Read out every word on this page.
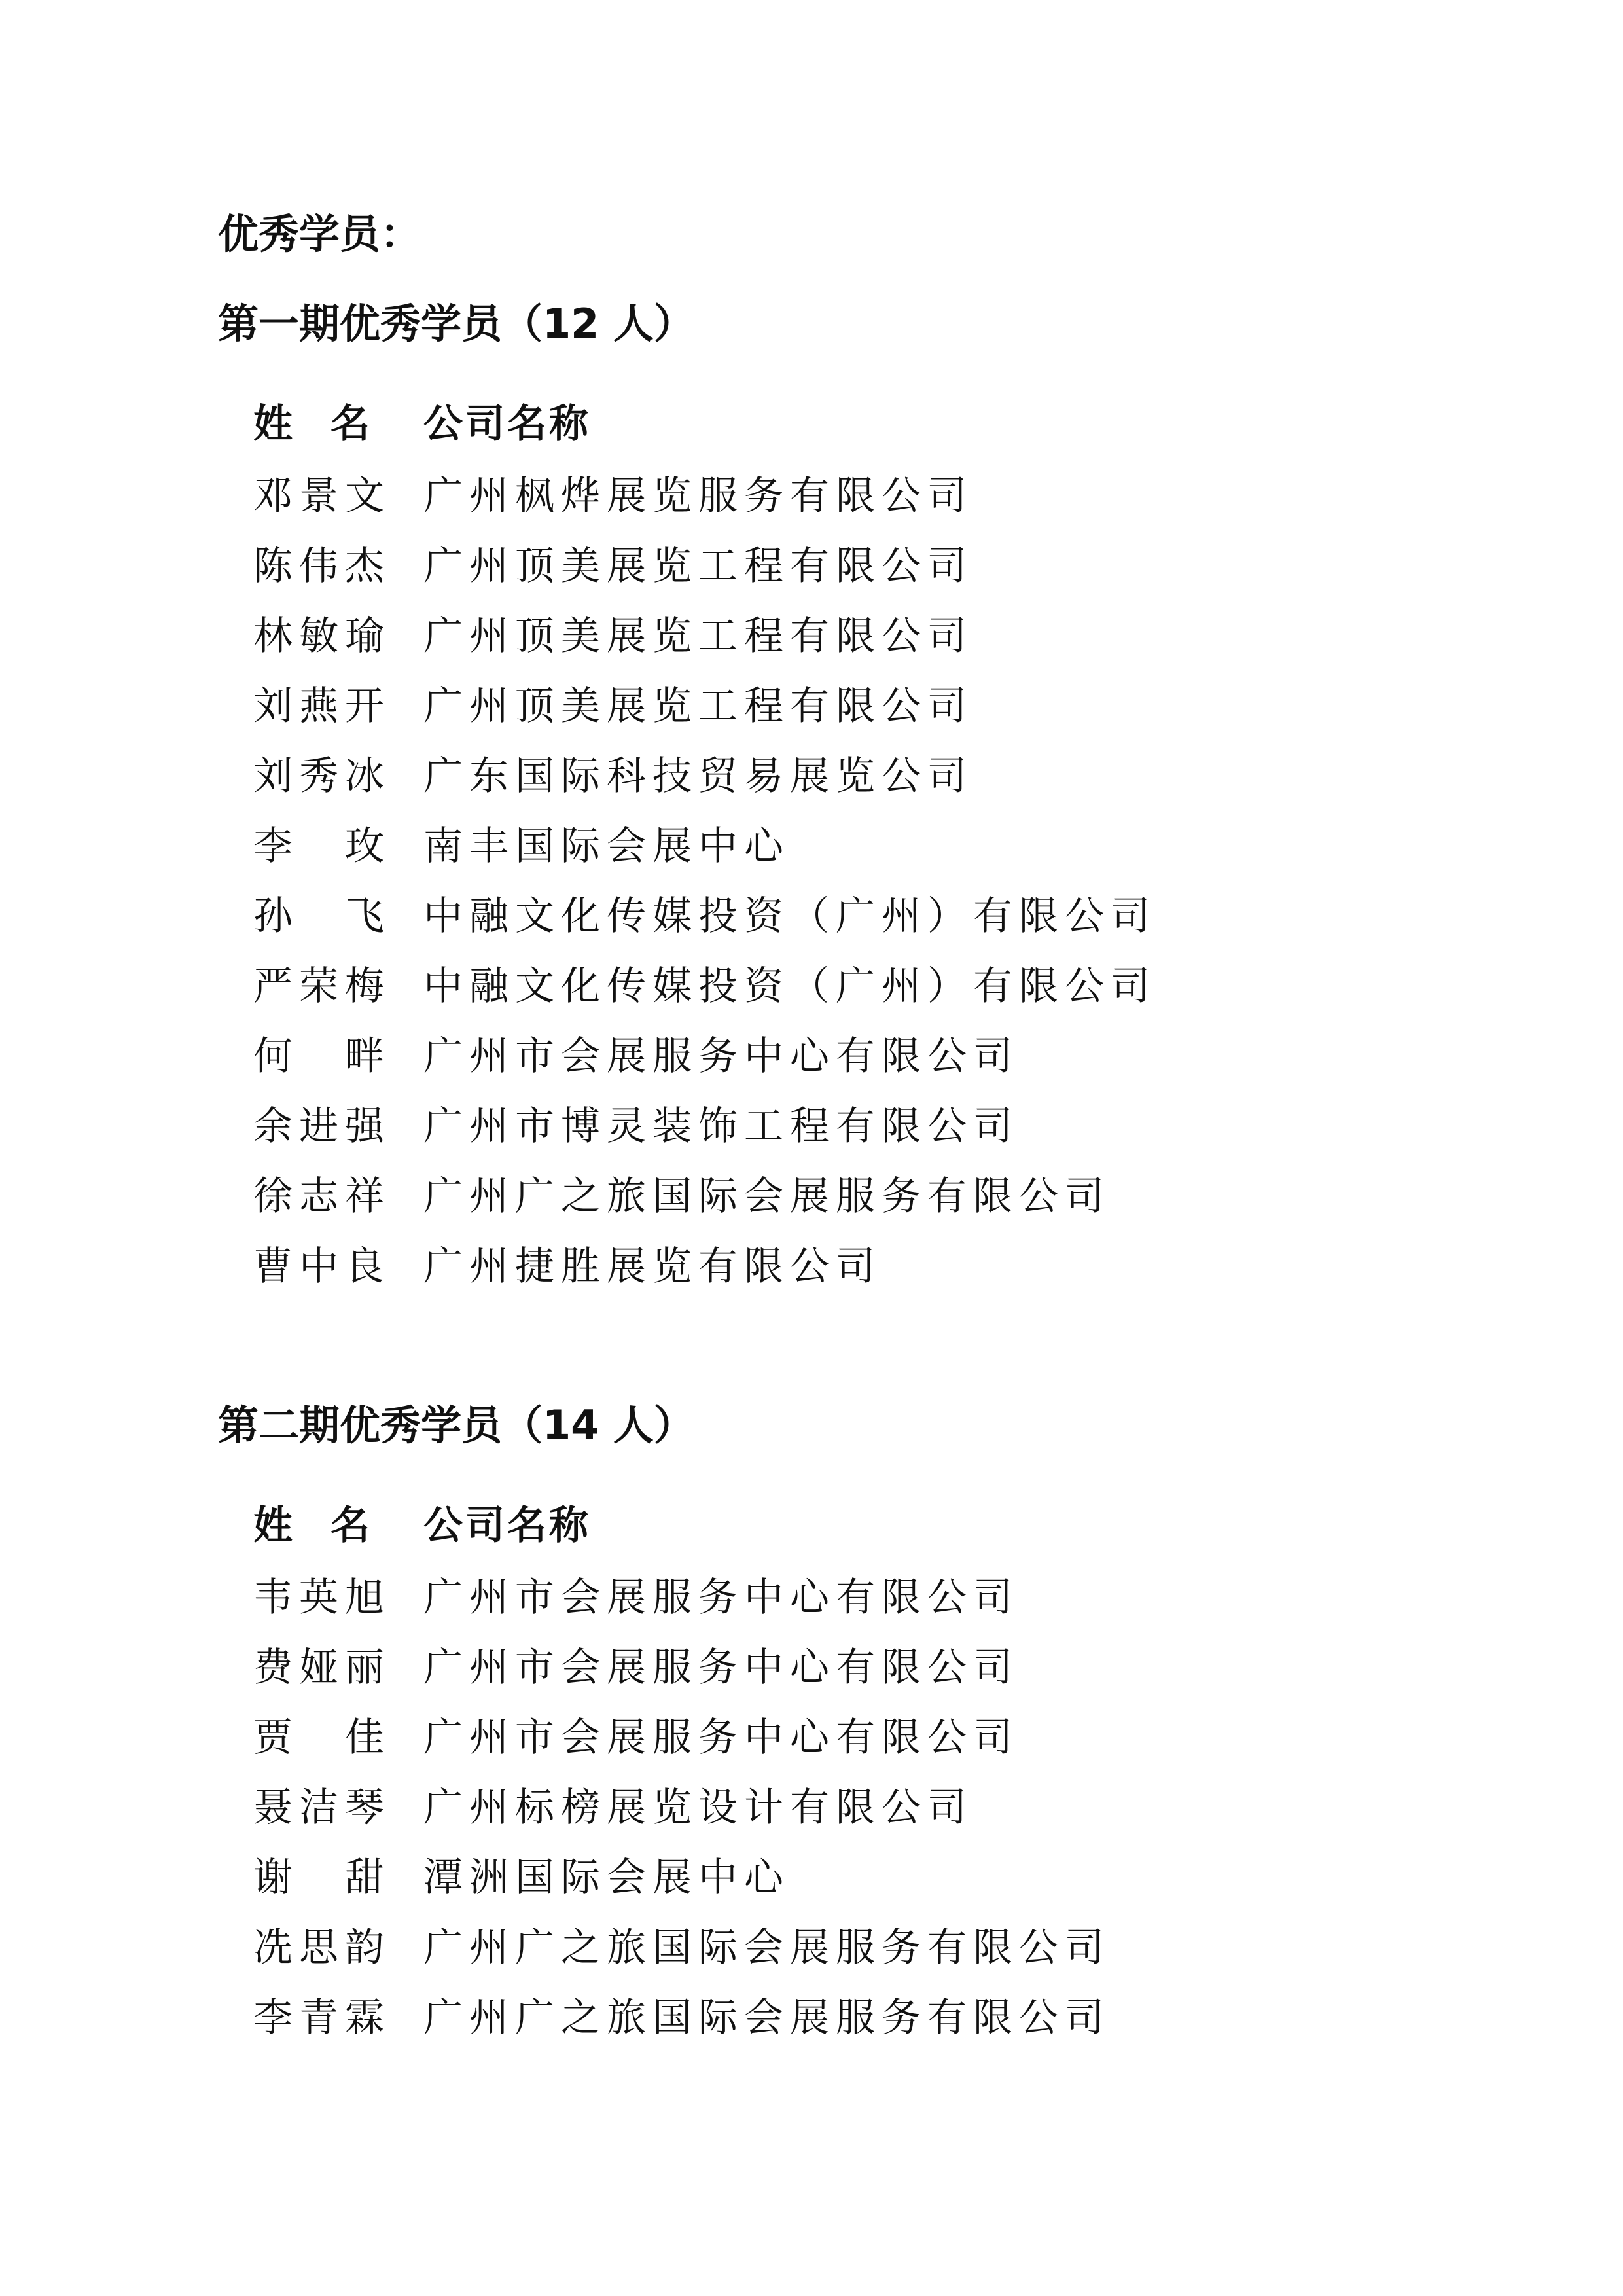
优秀学员：
第一期优秀学员（12 人）
姓名 公司名称
邓景文 广州枫烨展览服务有限公司
陈伟杰 广州顶美展览工程有限公司
林敏瑜 广州顶美展览工程有限公司
刘燕开 广州顶美展览工程有限公司
刘秀冰 广东国际科技贸易展览公司
李　玫 南丰国际会展中心
孙　飞 中融文化传媒投资（广州）有限公司
严荣梅 中融文化传媒投资（广州）有限公司
何　畔 广州市会展服务中心有限公司
余进强 广州市博灵装饰工程有限公司
徐志祥 广州广之旅国际会展服务有限公司
曹中良 广州捷胜展览有限公司
第二期优秀学员（14 人）
姓名 公司名称
韦英旭 广州市会展服务中心有限公司
费娅丽 广州市会展服务中心有限公司
贾　佳 广州市会展服务中心有限公司
聂洁琴 广州标榜展览设计有限公司
谢　甜 潭洲国际会展中心
冼思韵 广州广之旅国际会展服务有限公司
李青霖 广州广之旅国际会展服务有限公司
